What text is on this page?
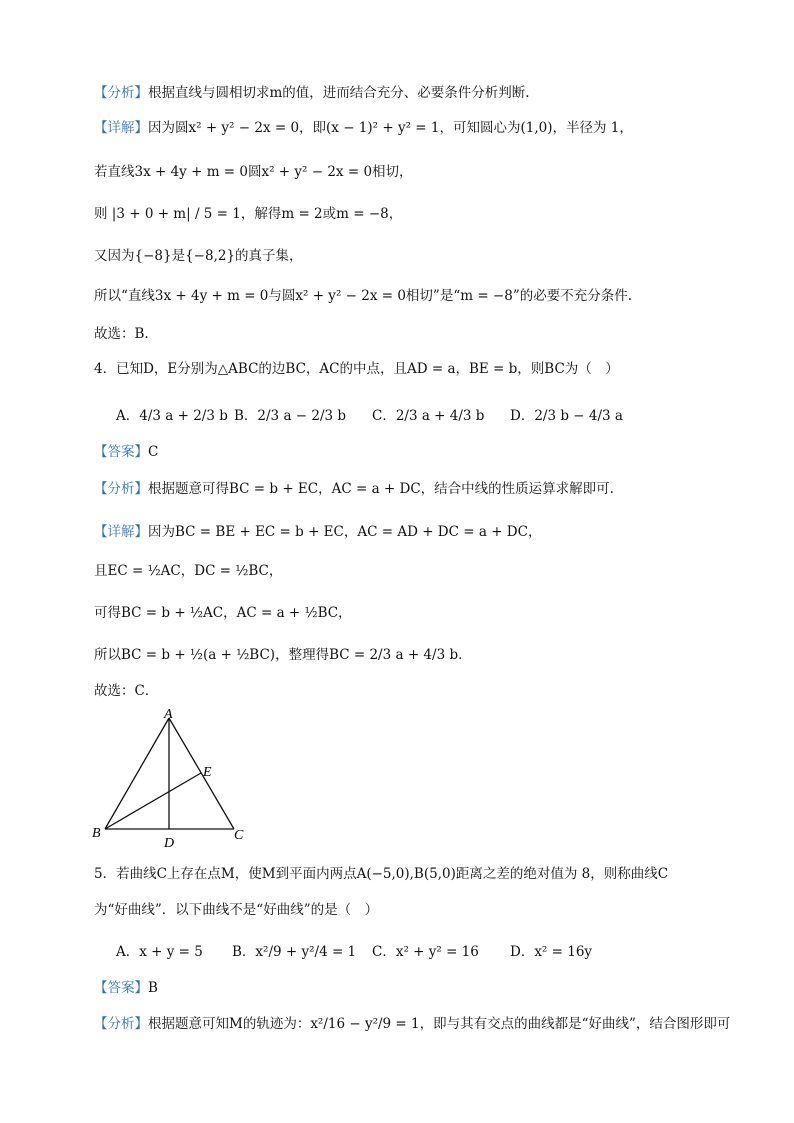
【分析】根据直线与圆相切求m的值，进而结合充分、必要条件分析判断.
【详解】因为圆x² + y² − 2x = 0，即(x − 1)² + y² = 1，可知圆心为(1,0)，半径为 1，
若直线3x + 4y + m = 0圆x² + y² − 2x = 0相切，
则 |3 + 0 + m| / 5 = 1，解得m = 2或m = −8，
又因为{−8}是{−8,2}的真子集，
所以“直线3x + 4y + m = 0与圆x² + y² − 2x = 0相切”是“m = −8”的必要不充分条件.
故选：B.
4．已知D，E分别为△ABC的边BC，AC的中点，且AD = a，BE = b，则BC为（　）
A．4/3 a + 2/3 b B．2/3 a − 2/3 b C．2/3 a + 4/3 b D．2/3 b − 4/3 a
【答案】C
【分析】根据题意可得BC = b + EC，AC = a + DC，结合中线的性质运算求解即可.
【详解】因为BC = BE + EC = b + EC，AC = AD + DC = a + DC，
且EC = ½AC，DC = ½BC，
可得BC = b + ½AC，AC = a + ½BC，
所以BC = b + ½(a + ½BC)，整理得BC = 2/3 a + 4/3 b．
故选：C．
A
B	C
D
E
5．若曲线C上存在点M，使M到平面内两点A(−5,0),B(5,0)距离之差的绝对值为 8，则称曲线C
为“好曲线”．以下曲线不是“好曲线”的是（　）
A．x + y = 5 B．x²/9 + y²/4 = 1 C．x² + y² = 16 D．x² = 16y
【答案】B
【分析】根据题意可知M的轨迹为：x²/16 − y²/9 = 1，即与其有交点的曲线都是“好曲线”，结合图形即可
